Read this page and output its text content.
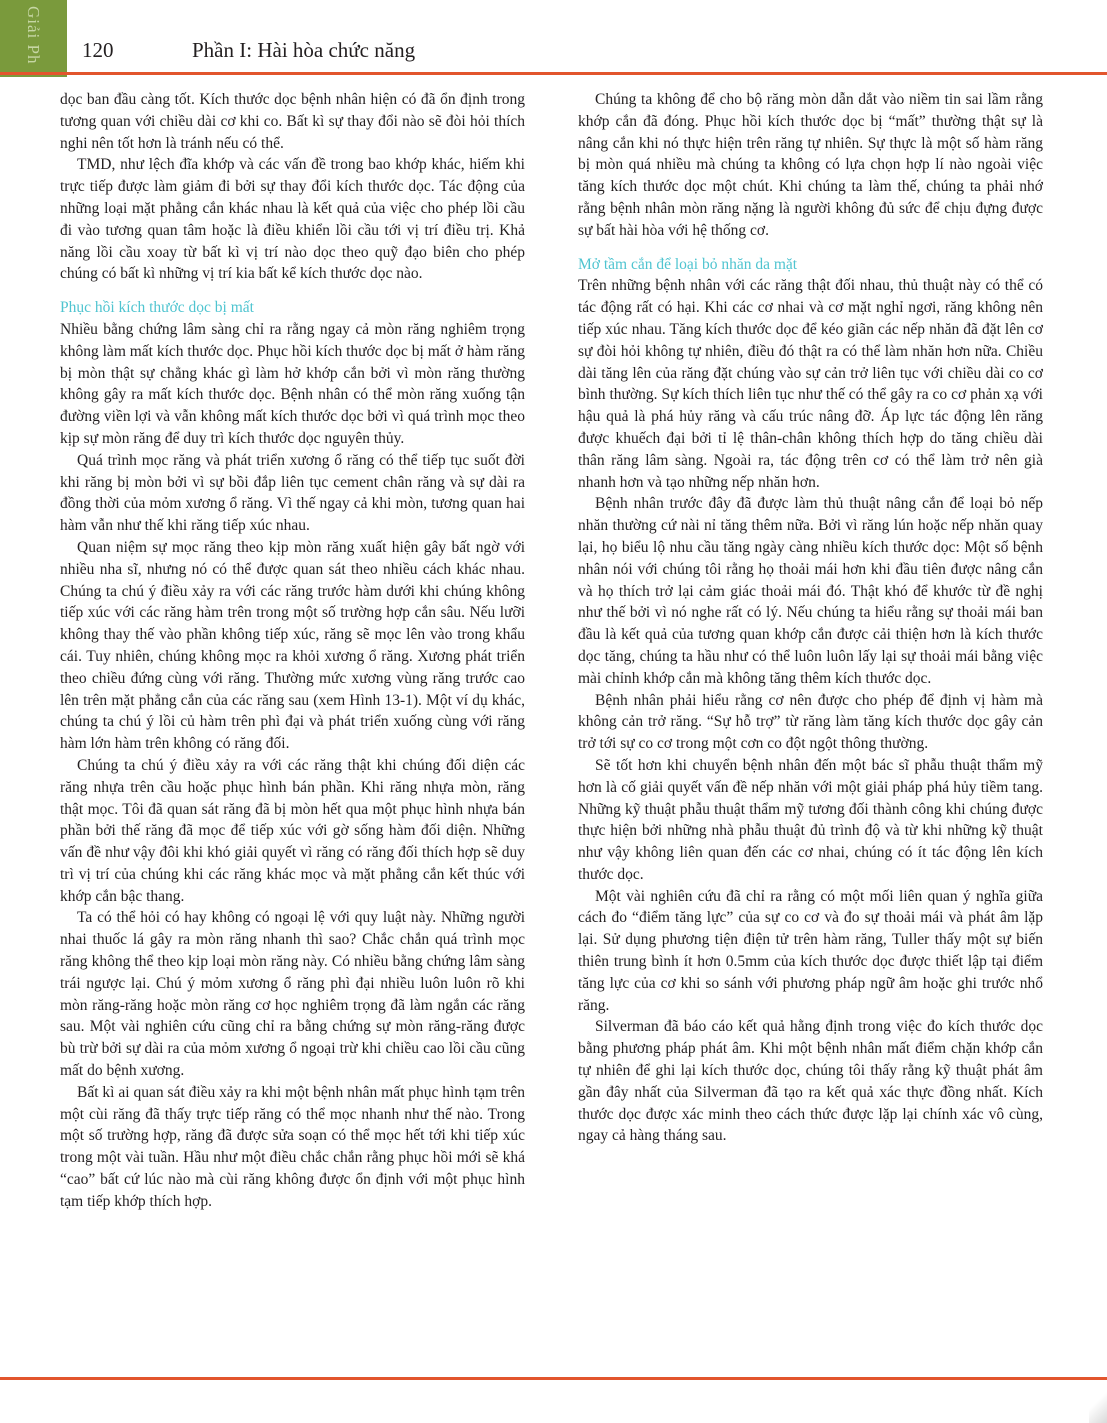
Giải Ph 120	Phần I: Hài hòa chức năng

dọc ban đầu càng tốt. Kích thước dọc bệnh nhân hiện có đã ổn định trong tương quan với chiều dài cơ khi co. Bất kì sự thay đổi nào sẽ đòi hỏi thích nghi nên tốt hơn là tránh nếu có thể.

TMD, như lệch đĩa khớp và các vấn đề trong bao khớp khác, hiếm khi trực tiếp được làm giảm đi bởi sự thay đổi kích thước dọc. Tác động của những loại mặt phẳng cắn khác nhau là kết quả của việc cho phép lồi cầu đi vào tương quan tâm hoặc là điều khiển lồi cầu tới vị trí điều trị. Khả năng lồi cầu xoay từ bất kì vị trí nào dọc theo quỹ đạo biên cho phép chúng có bất kì những vị trí kia bất kể kích thước dọc nào.

Phục hồi kích thước dọc bị mất

Nhiều bằng chứng lâm sàng chỉ ra rằng ngay cả mòn răng nghiêm trọng không làm mất kích thước dọc. Phục hồi kích thước dọc bị mất ở hàm răng bị mòn thật sự chẳng khác gì làm hở khớp cắn bởi vì mòn răng thường không gây ra mất kích thước dọc. Bệnh nhân có thể mòn răng xuống tận đường viền lợi và vẫn không mất kích thước dọc bởi vì quá trình mọc theo kịp sự mòn răng để duy trì kích thước dọc nguyên thủy.

Quá trình mọc răng và phát triển xương ổ răng có thể tiếp tục suốt đời khi răng bị mòn bởi vì sự bồi đắp liên tục cement chân răng và sự dài ra đồng thời của mỏm xương ổ răng. Vì thế ngay cả khi mòn, tương quan hai hàm vẫn như thế khi răng tiếp xúc nhau.

Quan niệm sự mọc răng theo kịp mòn răng xuất hiện gây bất ngờ với nhiều nha sĩ, nhưng nó có thể được quan sát theo nhiều cách khác nhau. Chúng ta chú ý điều xảy ra với các răng trước hàm dưới khi chúng không tiếp xúc với các răng hàm trên trong một số trường hợp cắn sâu. Nếu lưỡi không thay thế vào phần không tiếp xúc, răng sẽ mọc lên vào trong khẩu cái. Tuy nhiên, chúng không mọc ra khỏi xương ổ răng. Xương phát triển theo chiều đứng cùng với răng. Thường mức xương vùng răng trước cao lên trên mặt phẳng cắn của các răng sau (xem Hình 13-1). Một ví dụ khác, chúng ta chú ý lồi củ hàm trên phì đại và phát triển xuống cùng với răng hàm lớn hàm trên không có răng đối.

Chúng ta chú ý điều xảy ra với các răng thật khi chúng đối diện các răng nhựa trên cầu hoặc phục hình bán phần. Khi răng nhựa mòn, răng thật mọc. Tôi đã quan sát răng đã bị mòn hết qua một phục hình nhựa bán phần bởi thế răng đã mọc để tiếp xúc với gờ sống hàm đối diện. Những vấn đề như vậy đôi khi khó giải quyết vì răng có răng đối thích hợp sẽ duy trì vị trí của chúng khi các răng khác mọc và mặt phẳng cắn kết thúc với khớp cắn bậc thang.

Ta có thể hỏi có hay không có ngoại lệ với quy luật này. Những người nhai thuốc lá gây ra mòn răng nhanh thì sao? Chắc chắn quá trình mọc răng không thể theo kịp loại mòn răng này. Có nhiều bằng chứng lâm sàng trái ngược lại. Chú ý mỏm xương ổ răng phì đại nhiều luôn luôn rõ khi mòn răng-răng hoặc mòn răng cơ học nghiêm trọng đã làm ngắn các răng sau. Một vài nghiên cứu cũng chỉ ra bằng chứng sự mòn răng-răng được bù trừ bởi sự dài ra của mỏm xương ổ ngoại trừ khi chiều cao lồi cầu cũng mất do bệnh xương.

Bất kì ai quan sát điều xảy ra khi một bệnh nhân mất phục hình tạm trên một cùi răng đã thấy trực tiếp răng có thể mọc nhanh như thế nào. Trong một số trường hợp, răng đã được sửa soạn có thể mọc hết tới khi tiếp xúc trong một vài tuần. Hầu như một điều chắc chắn rằng phục hồi mới sẽ khá “cao” bất cứ lúc nào mà cùi răng không được ổn định với một phục hình tạm tiếp khớp thích hợp.

Chúng ta không để cho bộ răng mòn dẫn dắt vào niềm tin sai lầm rằng khớp cắn đã đóng. Phục hồi kích thước dọc bị “mất” thường thật sự là nâng cắn khi nó thực hiện trên răng tự nhiên. Sự thực là một số hàm răng bị mòn quá nhiều mà chúng ta không có lựa chọn hợp lí nào ngoài việc tăng kích thước dọc một chút. Khi chúng ta làm thế, chúng ta phải nhớ rằng bệnh nhân mòn răng nặng là người không đủ sức để chịu đựng được sự bất hài hòa với hệ thống cơ.

Mở tầm cắn để loại bỏ nhăn da mặt

Trên những bệnh nhân với các răng thật đối nhau, thủ thuật này có thể có tác động rất có hại. Khi các cơ nhai và cơ mặt nghỉ ngơi, răng không nên tiếp xúc nhau. Tăng kích thước dọc để kéo giãn các nếp nhăn đã đặt lên cơ sự đòi hỏi không tự nhiên, điều đó thật ra có thể làm nhăn hơn nữa. Chiều dài tăng lên của răng đặt chúng vào sự cản trở liên tục với chiều dài co cơ bình thường. Sự kích thích liên tục như thế có thể gây ra co cơ phản xạ với hậu quả là phá hủy răng và cấu trúc nâng đỡ. Áp lực tác động lên răng được khuếch đại bởi tỉ lệ thân-chân không thích hợp do tăng chiều dài thân răng lâm sàng. Ngoài ra, tác động trên cơ có thể làm trở nên già nhanh hơn và tạo những nếp nhăn hơn.

Bệnh nhân trước đây đã được làm thủ thuật nâng cắn để loại bỏ nếp nhăn thường cứ nài nỉ tăng thêm nữa. Bởi vì răng lún hoặc nếp nhăn quay lại, họ biểu lộ nhu cầu tăng ngày càng nhiều kích thước dọc: Một số bệnh nhân nói với chúng tôi rằng họ thoải mái hơn khi đầu tiên được nâng cắn và họ thích trở lại cảm giác thoải mái đó. Thật khó để khước từ đề nghị như thế bởi vì nó nghe rất có lý. Nếu chúng ta hiểu rằng sự thoải mái ban đầu là kết quả của tương quan khớp cắn được cải thiện hơn là kích thước dọc tăng, chúng ta hầu như có thể luôn luôn lấy lại sự thoải mái bằng việc mài chỉnh khớp cắn mà không tăng thêm kích thước dọc.

Bệnh nhân phải hiểu rằng cơ nên được cho phép để định vị hàm mà không cản trở răng. “Sự hỗ trợ” từ răng làm tăng kích thước dọc gây cản trở tới sự co cơ trong một cơn co đột ngột thông thường.

Sẽ tốt hơn khi chuyển bệnh nhân đến một bác sĩ phẫu thuật thẩm mỹ hơn là cố giải quyết vấn đề nếp nhăn với một giải pháp phá hủy tiềm tang. Những kỹ thuật phẫu thuật thẩm mỹ tương đối thành công khi chúng được thực hiện bởi những nhà phẫu thuật đủ trình độ và từ khi những kỹ thuật như vậy không liên quan đến các cơ nhai, chúng có ít tác động lên kích thước dọc.

Một vài nghiên cứu đã chỉ ra rằng có một mối liên quan ý nghĩa giữa cách đo “điểm tăng lực” của sự co cơ và đo sự thoải mái và phát âm lặp lại. Sử dụng phương tiện điện tử trên hàm răng, Tuller thấy một sự biến thiên trung bình ít hơn 0.5mm của kích thước dọc được thiết lập tại điểm tăng lực của cơ khi so sánh với phương pháp ngữ âm hoặc ghi trước nhổ răng.

Silverman đã báo cáo kết quả hằng định trong việc đo kích thước dọc bằng phương pháp phát âm. Khi một bệnh nhân mất điểm chặn khớp cắn tự nhiên để ghi lại kích thước dọc, chúng tôi thấy rằng kỹ thuật phát âm gần đây nhất của Silverman đã tạo ra kết quả xác thực đồng nhất. Kích thước dọc được xác minh theo cách thức được lặp lại chính xác vô cùng, ngay cả hàng tháng sau.
